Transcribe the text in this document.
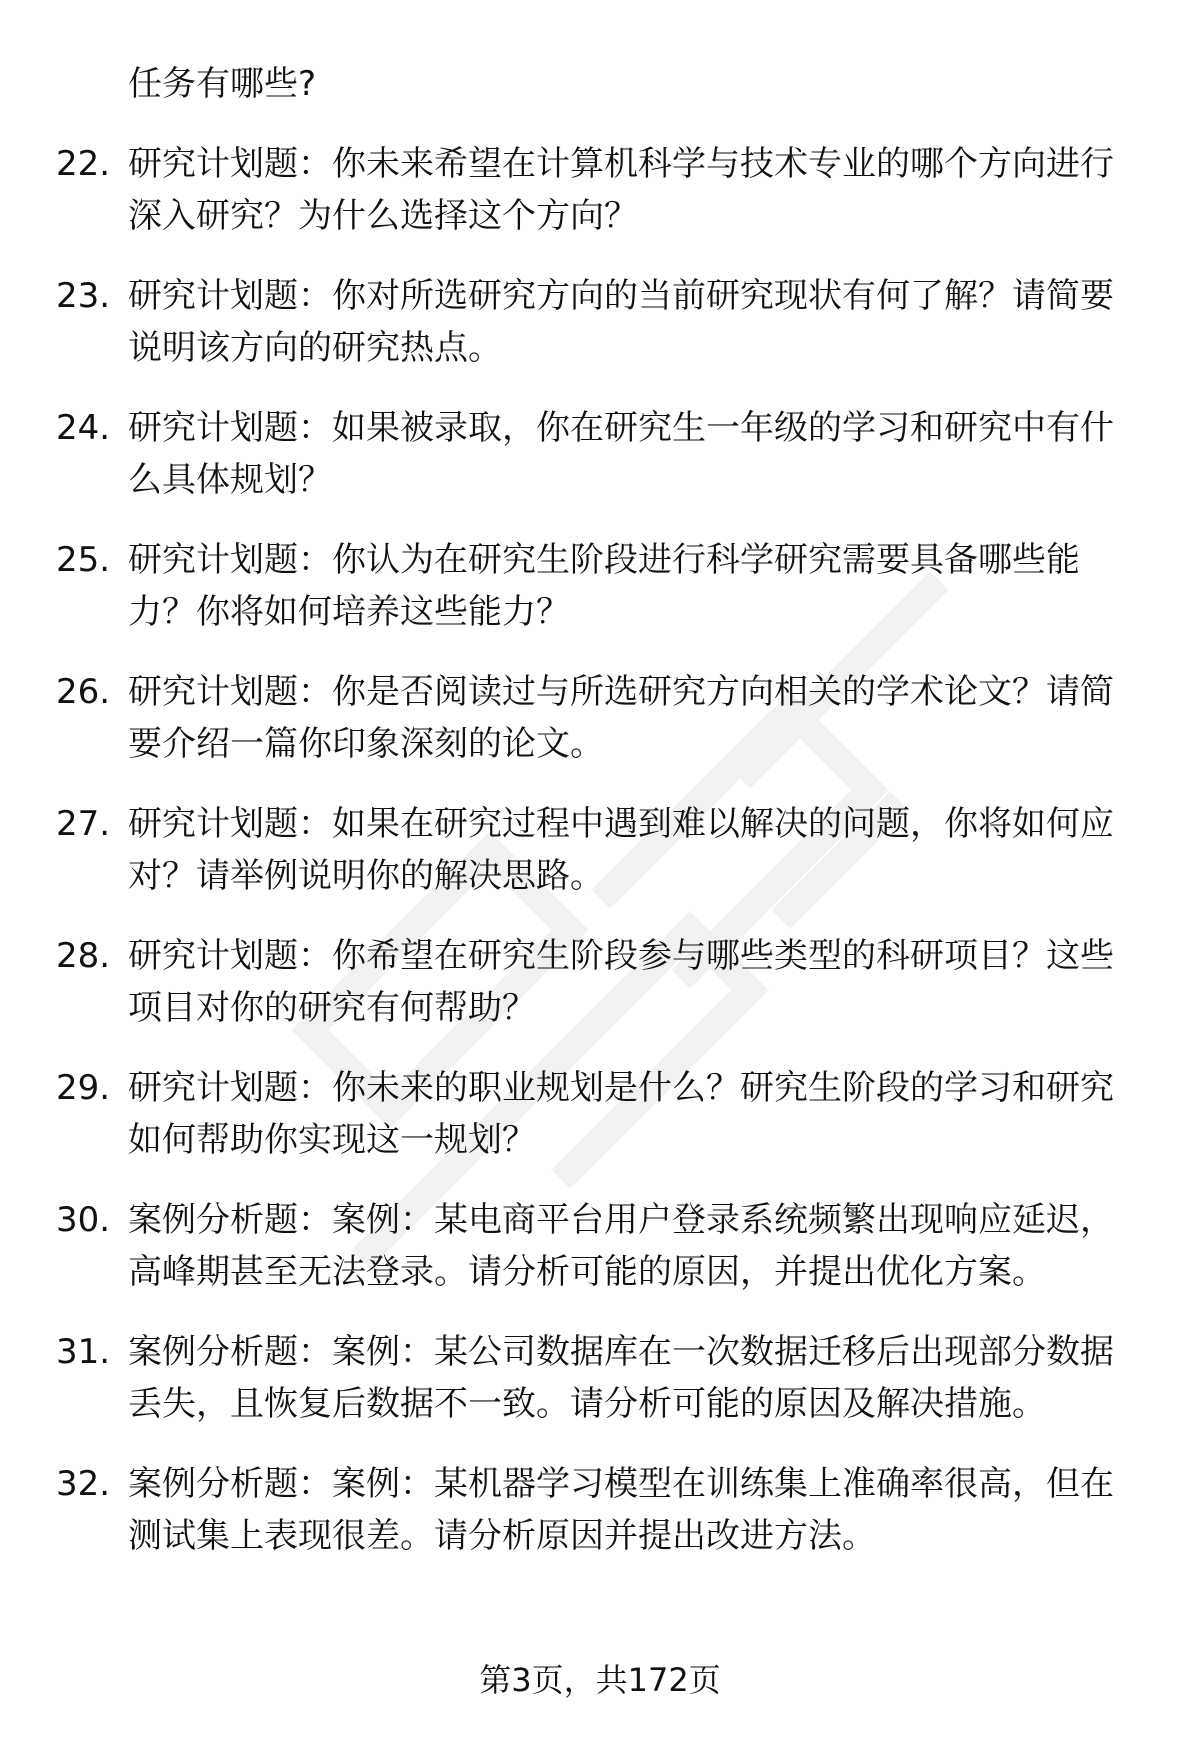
任务有哪些?
22. 研究计划题：你未来希望在计算机科学与技术专业的哪个方向进行深入研究？为什么选择这个方向？
23. 研究计划题：你对所选研究方向的当前研究现状有何了解？请简要说明该方向的研究热点。
24. 研究计划题：如果被录取，你在研究生一年级的学习和研究中有什么具体规划？
25. 研究计划题：你认为在研究生阶段进行科学研究需要具备哪些能力？你将如何培养这些能力？
26. 研究计划题：你是否阅读过与所选研究方向相关的学术论文？请简要介绍一篇你印象深刻的论文。
27. 研究计划题：如果在研究过程中遇到难以解决的问题，你将如何应对？请举例说明你的解决思路。
28. 研究计划题：你希望在研究生阶段参与哪些类型的科研项目？这些项目对你的研究有何帮助？
29. 研究计划题：你未来的职业规划是什么？研究生阶段的学习和研究如何帮助你实现这一规划？
30. 案例分析题：案例：某电商平台用户登录系统频繁出现响应延迟，高峰期甚至无法登录。请分析可能的原因，并提出优化方案。
31. 案例分析题：案例：某公司数据库在一次数据迁移后出现部分数据丢失，且恢复后数据不一致。请分析可能的原因及解决措施。
32. 案例分析题：案例：某机器学习模型在训练集上准确率很高，但在测试集上表现很差。请分析原因并提出改进方法。
第3页，共172页
